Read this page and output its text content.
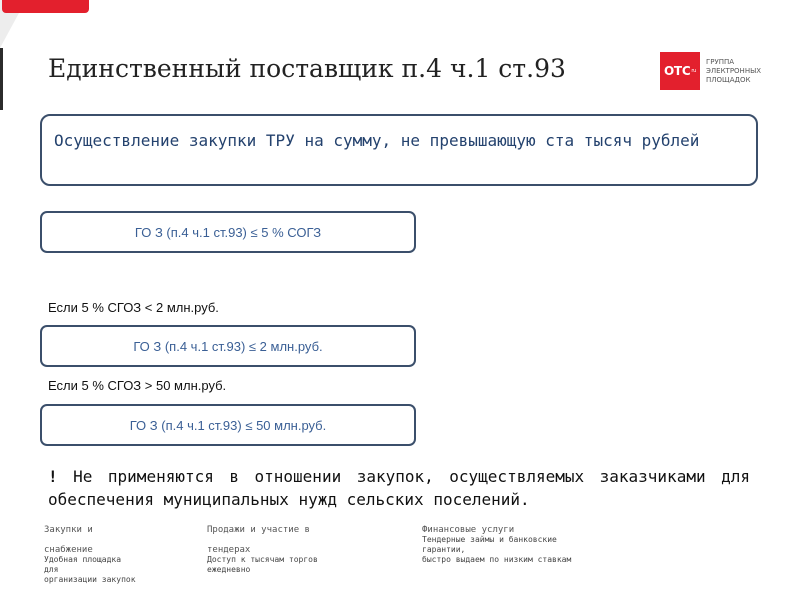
Единственный поставщик п.4 ч.1 ст.93	OTC ru
ГРУППА
ЭЛЕКТРОННЫХ
ПЛОЩАДОК
Осуществление закупки ТРУ на сумму, не превышающую ста тысяч рублей
ГО З (п.4 ч.1 ст.93) ≤ 5 % СОГЗ
Если 5 % СГОЗ < 2 млн.руб.
ГО З (п.4 ч.1 ст.93) ≤ 2 млн.руб.
Если 5 % СГОЗ > 50 млн.руб.
ГО З (п.4 ч.1 ст.93) ≤ 50 млн.руб.
! Не применяются в отношении закупок, осуществляемых заказчиками для обеспечения муниципальных нужд сельских поселений.
Закупки и
снабжение
Удобная площадка
для
организации закупок
Продажи и участие в
тендерах
Доступ к тысячам торгов
ежедневно
Финансовые услуги
Тендерные займы и банковские
гарантии,
быстро выдаем по низким ставкам
